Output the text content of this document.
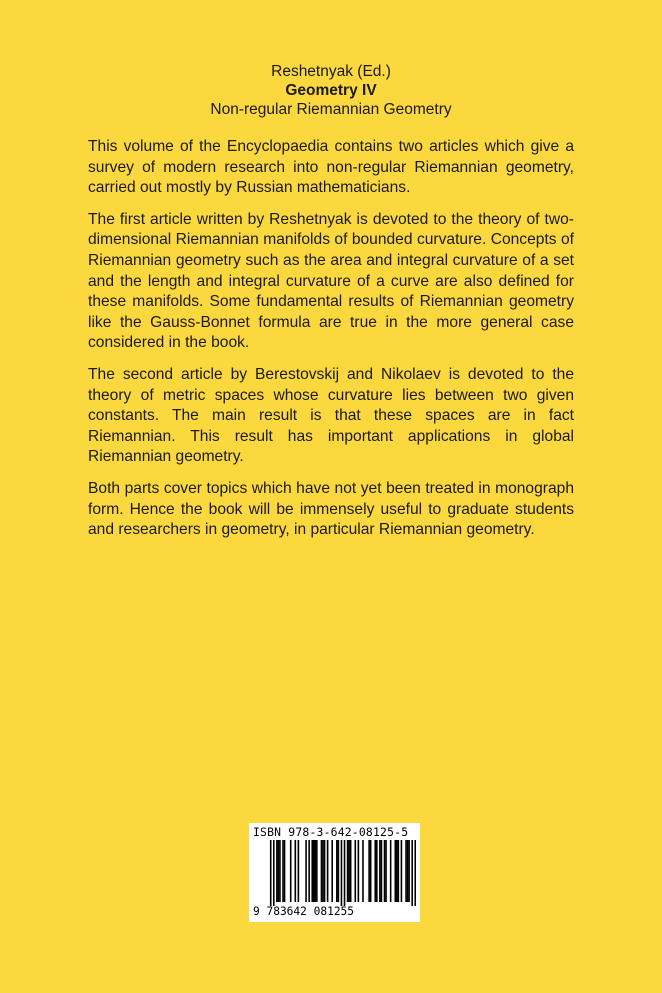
Reshetnyak (Ed.)
Geometry IV
Non-regular Riemannian Geometry

This volume of the Encyclopaedia contains two articles which give a survey of modern research into non-regular Riemannian geometry, carried out mostly by Russian mathematicians.

The first article written by Reshetnyak is devoted to the theory of two-dimensional Riemannian manifolds of bounded curvature. Concepts of Riemannian geometry such as the area and integral curvature of a set and the length and integral curvature of a curve are also defined for these manifolds. Some fundamental results of Riemannian geometry like the Gauss-Bonnet formula are true in the more general case considered in the book.

The second article by Berestovskij and Nikolaev is devoted to the theory of metric spaces whose curvature lies between two given constants. The main result is that these spaces are in fact Riemannian. This result has important applications in global Riemannian geometry.

Both parts cover topics which have not yet been treated in monograph form. Hence the book will be immensely useful to graduate students and researchers in geometry, in particular Riemannian geometry.

ISBN 978-3-642-08125-5
9 783642 081255
